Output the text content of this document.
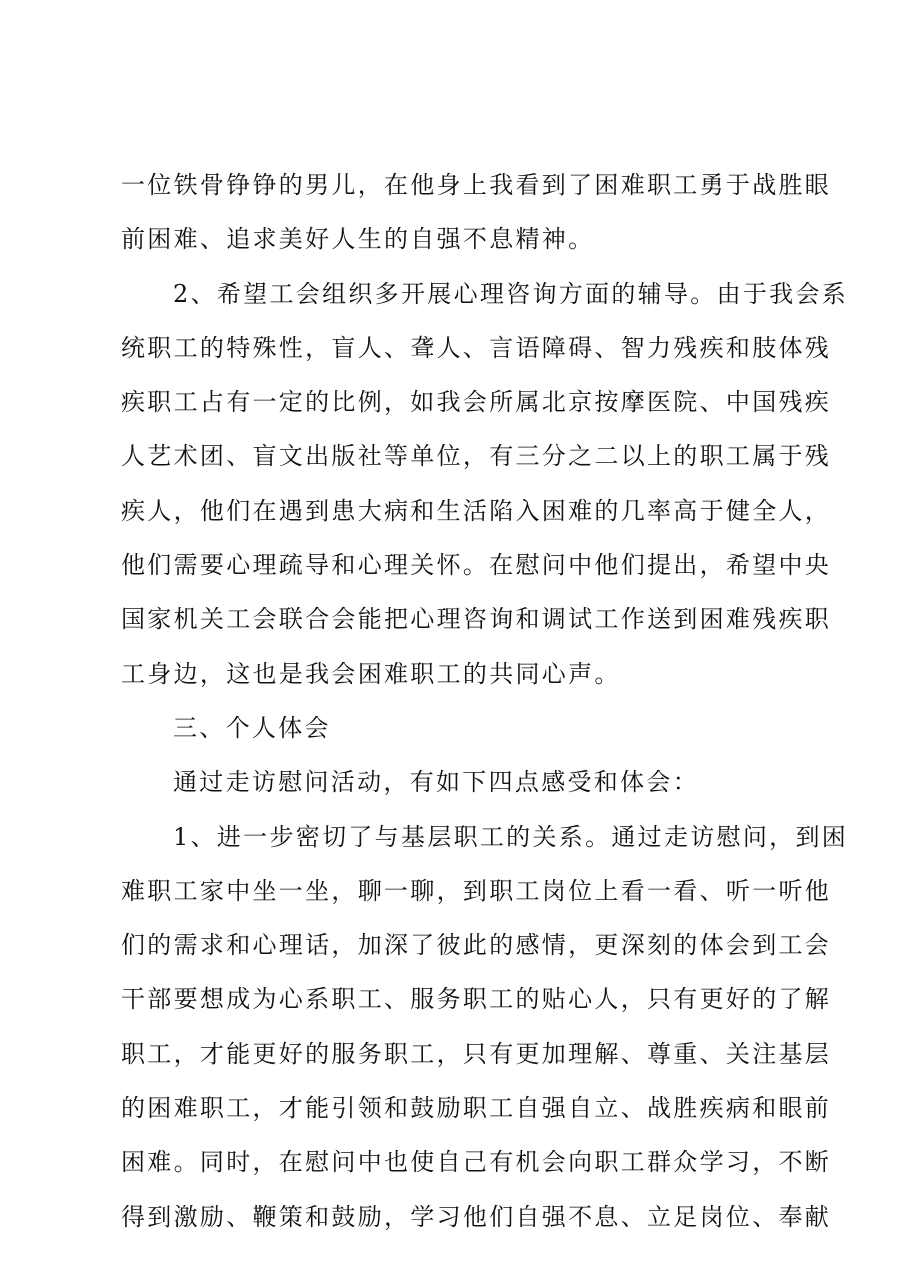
一位铁骨铮铮的男儿，在他身上我看到了困难职工勇于战胜眼
前困难、追求美好人生的自强不息精神。
2、希望工会组织多开展心理咨询方面的辅导。由于我会系
统职工的特殊性，盲人、聋人、言语障碍、智力残疾和肢体残
疾职工占有一定的比例，如我会所属北京按摩医院、中国残疾
人艺术团、盲文出版社等单位，有三分之二以上的职工属于残
疾人，他们在遇到患大病和生活陷入困难的几率高于健全人，
他们需要心理疏导和心理关怀。在慰问中他们提出，希望中央
国家机关工会联合会能把心理咨询和调试工作送到困难残疾职
工身边，这也是我会困难职工的共同心声。
三、个人体会
通过走访慰问活动，有如下四点感受和体会：
1、进一步密切了与基层职工的关系。通过走访慰问，到困
难职工家中坐一坐，聊一聊，到职工岗位上看一看、听一听他
们的需求和心理话，加深了彼此的感情，更深刻的体会到工会
干部要想成为心系职工、服务职工的贴心人，只有更好的了解
职工，才能更好的服务职工，只有更加理解、尊重、关注基层
的困难职工，才能引领和鼓励职工自强自立、战胜疾病和眼前
困难。同时，在慰问中也使自己有机会向职工群众学习，不断
得到激励、鞭策和鼓励，学习他们自强不息、立足岗位、奉献
